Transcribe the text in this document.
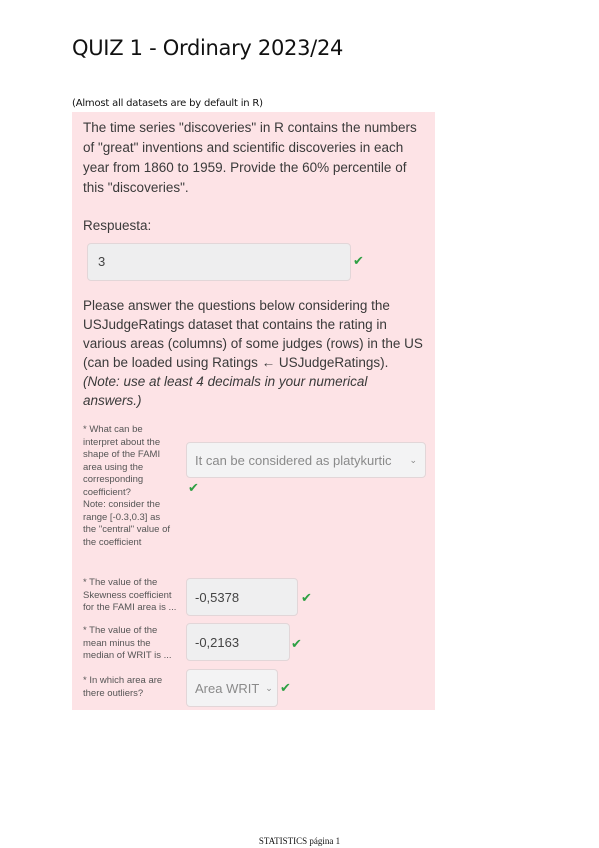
QUIZ 1 - Ordinary 2023/24
(Almost all datasets are by default in R)
The time series "discoveries" in R contains the numbers of "great" inventions and scientific discoveries in each year from 1860 to 1959. Provide the 60% percentile of this "discoveries".
Respuesta:
3	✔
Please answer the questions below considering the USJudgeRatings dataset that contains the rating in various areas (columns) of some judges (rows) in the US (can be loaded using Ratings ← USJudgeRatings). (Note: use at least 4 decimals in your numerical answers.)
* What can be
interpret about the
shape of the FAMI
area using the
corresponding
coefficient?
Note: consider the
range [-0.3,0.3] as
the "central" value of
the coefficient
It can be considered as platykurtic ⌄
✔
* The value of the
Skewness coefficient
for the FAMI area is ...
-0,5378	✔
* The value of the
mean minus the
median of WRIT is ...
-0,2163	✔
* In which area are
there outliers?	Area WRIT ⌄ ✔
STATISTICS página 1
